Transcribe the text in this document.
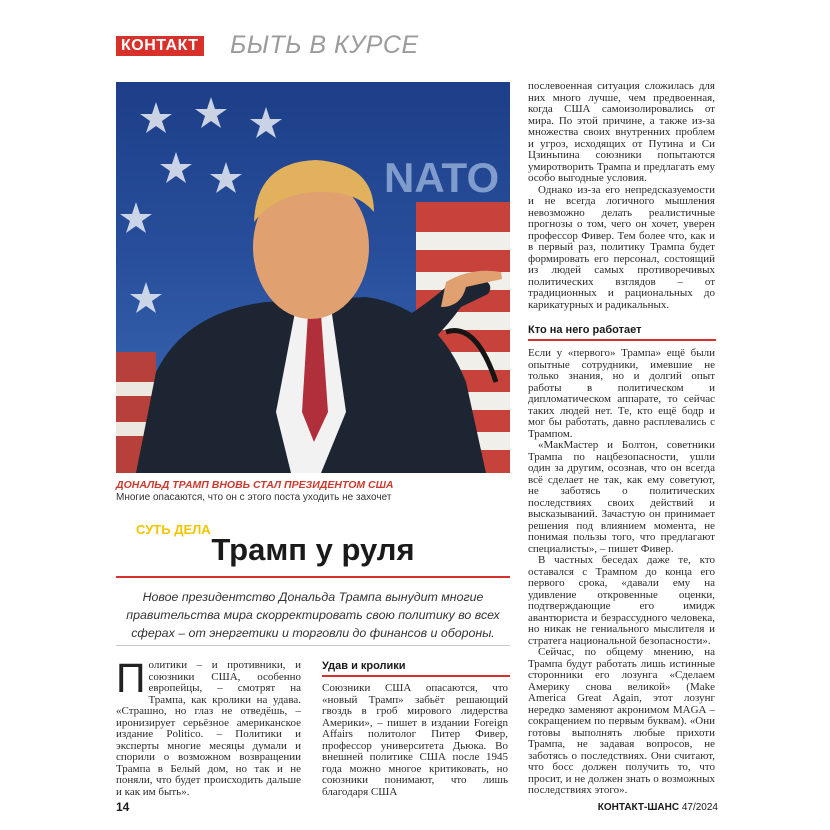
КОНТАКТ БЫТЬ В КУРСЕ
NATO
СУТЬ ДЕЛА
ДОНАЛЬД ТРАМП ВНОВЬ СТАЛ ПРЕЗИДЕНТОМ США
Многие опасаются, что он с этого поста уходить не захочет
Трамп у руля
Новое президентство Дональда Трампа вынудит многие правительства мира скорректировать свою политику во всех сферах – от энергетики и торговли до финансов и обороны.

Политики – и противники, и союзники США, особенно европейцы, – смотрят на Трампа, как кролики на удава. «Страшно, но глаз не отведёшь, – иронизирует серьёзное американское издание Politico. – Политики и эксперты многие месяцы думали и спорили о возможном возвращении Трампа в Белый дом, но так и не поняли, что будет происходить дальше и как им быть».

Удав и кролики

Союзники США опасаются, что «новый Трамп» забьёт решающий гвоздь в гроб мирового лидерства Америки», – пишет в издании Foreign Affairs политолог Питер Фивер, профессор университета Дьюка. Во внешней политике США после 1945 года можно многое критиковать, но союзники понимают, что лишь благодаря США

послевоенная ситуация сложилась для них много лучше, чем предвоенная, когда США самоизолировались от мира. По этой причине, а также из-за множества своих внутренних проблем и угроз, исходящих от Путина и Си Цзиньпина союзники попытаются умиротворить Трампа и предлагать ему особо выгодные условия.

Однако из-за его непредсказуемости и не всегда логичного мышления невозможно делать реалистичные прогнозы о том, чего он хочет, уверен профессор Фивер. Тем более что, как и в первый раз, политику Трампа будет формировать его персонал, состоящий из людей самых противоречивых политических взглядов – от традиционных и рациональных до карикатурных и радикальных.

Кто на него работает

Если у «первого» Трампа» ещё были опытные сотрудники, имевшие не только знания, но и долгий опыт работы в политическом и дипломатическом аппарате, то сейчас таких людей нет. Те, кто ещё бодр и мог бы работать, давно расплевались с Трампом.

«МакМастер и Болтон, советники Трампа по нацбезопасности, ушли один за другим, осознав, что он всегда всё сделает не так, как ему советуют, не заботясь о политических последствиях своих действий и высказываний. Зачастую он принимает решения под влиянием момента, не понимая пользы того, что предлагают специалисты», – пишет Фивер.

В частных беседах даже те, кто оставался с Трампом до конца его первого срока, «давали ему на удивление откровенные оценки, подтверждающие его имидж авантюриста и безрассудного человека, но никак не гениального мыслителя и стратега национальной безопасности».

Сейчас, по общему мнению, на Трампа будут работать лишь истинные сторонники его лозунга «Сделаем Америку снова великой» (Make America Great Again, этот лозунг нередко заменяют акронимом MAGA – сокращением по первым буквам). «Они готовы выполнять любые прихоти Трампа, не задавая вопросов, не заботясь о последствиях. Они считают, что босс должен получить то, что просит, и не должен знать о возможных последствиях этого».

14	КОНТАКТ-ШАНС 47/2024
